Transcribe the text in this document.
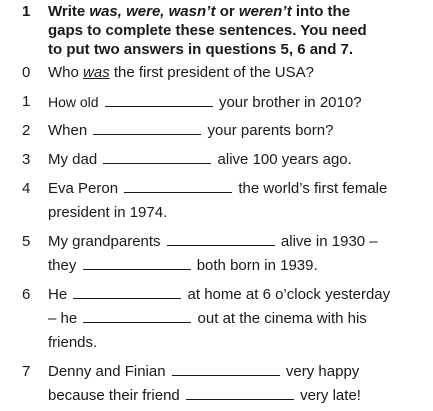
1	Write was, were, wasn’t or weren’t into the
gaps to complete these sentences. You need
to put two answers in questions 5, 6 and 7.
0	Who was the first president of the USA?
1	How old	your brother in 2010?
2	When	your parents born?
3	My dad	alive 100 years ago.
4	Eva Peron	the world’s first female
president in 1974.
5	My grandparents	alive in 1930 –
they	both born in 1939.
6	He	at home at 6 o’clock yesterday
– he	out at the cinema with his
friends.
7	Denny and Finian	very happy
because their friend	very late!
